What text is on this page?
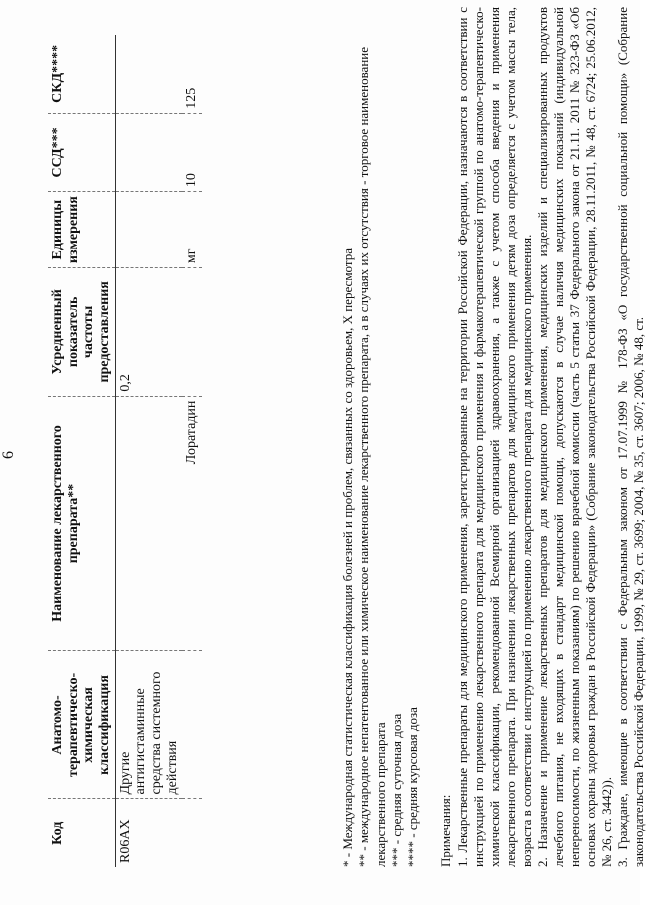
6
Код	Анатомо-терапевтическо-химическая классификация	Наименование лекарственного препарата**	Усредненный показатель частоты предоставления	Единицы измерения	ССД***	СКД****
R06AX	Другие антигистаминные средства системного действия		0,2			
		Лоратадин		мг	10	125
* - Международная статистическая классификация болезней и проблем, связанных со здоровьем, X пересмотра ** - международное непатентованное или химическое наименование лекарственного препарата, а в случаях их отсутствия - торговое наименование лекарственного препарата *** - средняя суточная доза **** - средняя курсовая доза Примечания: 1. Лекарственные препараты для медицинского применения, зарегистрированные на территории Российской Федерации, назначаются в соответствии с инструкцией по применению лекарственного препарата для медицинского применения и фармакотерапевтической группой по анатомо-терапевтическо-химической классификации, рекомендованной Всемирной организацией здравоохранения, а также с учетом способа введения и применения лекарственного препарата. При назначении лекарственных препаратов для медицинского применения детям доза определяется с учетом массы тела, возраста в соответствии с инструкцией по применению лекарственного препарата для медицинского применения. 2. Назначение и применение лекарственных препаратов для медицинского применения, медицинских изделий и специализированных продуктов лечебного питания, не входящих в стандарт медицинской помощи, допускаются в случае наличия медицинских показаний (индивидуальной непереносимости, по жизненным показаниям) по решению врачебной комиссии (часть 5 статьи 37 Федерального закона от 21.11. 2011 № 323-ФЗ «Об основах охраны здоровья граждан в Российской Федерации» (Собрание законодательства Российской Федерации, 28.11.2011, № 48, ст. 6724; 25.06.2012, № 26, ст. 3442)). 3. Граждане, имеющие в соответствии с Федеральным законом от 17.07.1999 № 178-ФЗ «О государственной социальной помощи» (Собрание законодательства Российской Федерации, 1999, № 29, ст. 3699; 2004, № 35, ст. 3607; 2006, № 48, ст.
